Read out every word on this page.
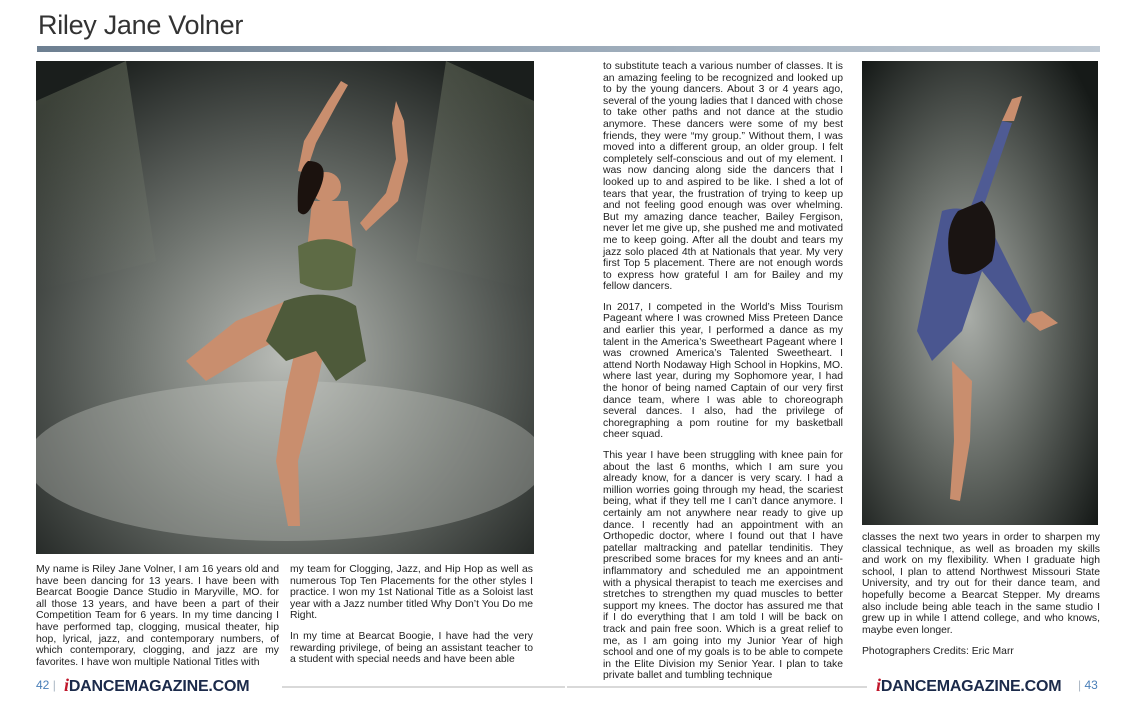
Riley Jane Volner

My name is Riley Jane Volner, I am 16 years old and have been dancing for 13 years. I have been with Bearcat Boogie Dance Studio in Maryville, MO. for all those 13 years, and have been a part of their Competition Team for 6 years. In my time dancing I have performed tap, clogging, musical theater, hip hop, lyrical, jazz, and contemporary numbers, of which contemporary, clogging, and jazz are my favorites. I have won multiple National Titles with

my team for Clogging, Jazz, and Hip Hop as well as numerous Top Ten Placements for the other styles I practice. I won my 1st National Title as a Soloist last year with a Jazz number titled Why Don’t You Do me Right.

In my time at Bearcat Boogie, I have had the very rewarding privilege, of being an assistant teacher to a student with special needs and have been able

to substitute teach a various number of classes. It is an amazing feeling to be recognized and looked up to by the young dancers. About 3 or 4 years ago, several of the young ladies that I danced with chose to take other paths and not dance at the studio anymore. These dancers were some of my best friends, they were “my group.” Without them, I was moved into a different group, an older group. I felt completely self-conscious and out of my element. I was now dancing along side the dancers that I looked up to and aspired to be like. I shed a lot of tears that year, the frustration of trying to keep up and not feeling good enough was over whelming. But my amazing dance teacher, Bailey Fergison, never let me give up, she pushed me and motivated me to keep going. After all the doubt and tears my jazz solo placed 4th at Nationals that year. My very first Top 5 placement. There are not enough words to express how grateful I am for Bailey and my fellow dancers.

In 2017, I competed in the World’s Miss Tourism Pageant where I was crowned Miss Preteen Dance and earlier this year, I performed a dance as my talent in the America’s Sweetheart Pageant where I was crowned America’s Talented Sweetheart. I attend North Nodaway High School in Hopkins, MO. where last year, during my Sophomore year, I had the honor of being named Captain of our very first dance team, where I was able to choreograph several dances. I also, had the privilege of choregraphing a pom routine for my basketball cheer squad.

This year I have been struggling with knee pain for about the last 6 months, which I am sure you already know, for a dancer is very scary. I had a million worries going through my head, the scariest being, what if they tell me I can’t dance anymore. I certainly am not anywhere near ready to give up dance. I recently had an appointment with an Orthopedic doctor, where I found out that I have patellar maltracking and patellar tendinitis. They prescribed some braces for my knees and an anti-inflammatory and scheduled me an appointment with a physical therapist to teach me exercises and stretches to strengthen my quad muscles to better support my knees. The doctor has assured me that if I do everything that I am told I will be back on track and pain free soon. Which is a great relief to me, as I am going into my Junior Year of high school and one of my goals is to be able to compete in the Elite Division my Senior Year. I plan to take private ballet and tumbling technique

classes the next two years in order to sharpen my classical technique, as well as broaden my skills and work on my flexibility. When I graduate high school, I plan to attend Northwest Missouri State University, and try out for their dance team, and hopefully become a Bearcat Stepper. My dreams also include being able teach in the same studio I grew up in while I attend college, and who knows, maybe even longer.

Photographers Credits: Eric Marr
42 | iDANCEMAGAZINE.COM	iDANCEMAGAZINE.COM | 43
